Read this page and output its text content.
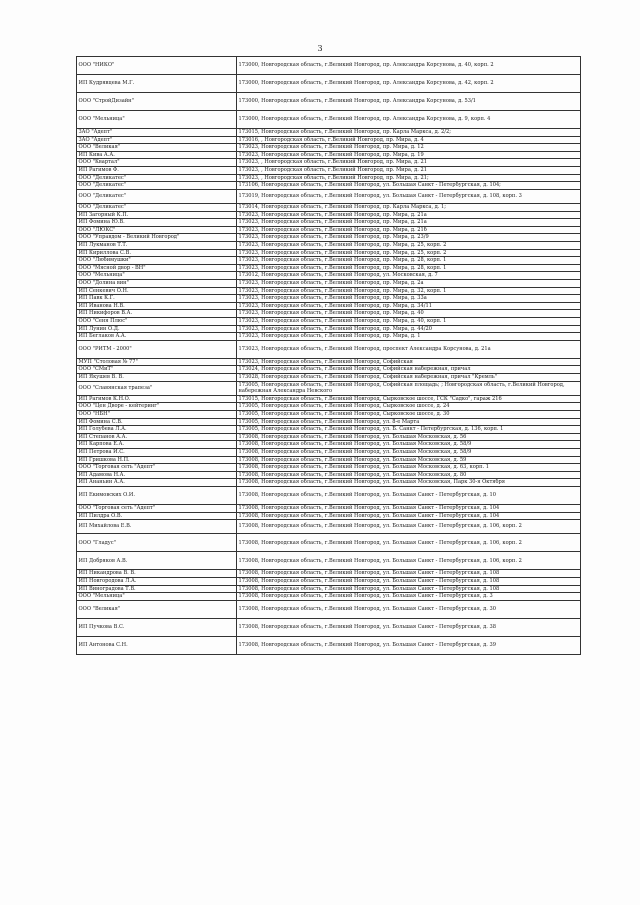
3
ООО "НИКО"	173000, Новгородская область, г.Великий Новгород, пр. Александра Корсунова, д. 40, корп. 2
ИП Кудрявцева М.Г.	173000, Новгородская область, г.Великий Новгород, пр. Александра Корсунова, д. 42, корп. 2
ООО "СтройДизайн"	173000, Новгородская область, г.Великий Новгород, пр. Александра Корсунова, д. 53/1
ООО "Мельница"	173000, Новгородская область, г.Великий Новгород, пр. Александра Корсунова, д. 9, корп. 4
ЗАО "Адепт"	173015, Новгородская область, г.Великий Новгород, пр. Карла Маркса, д. 2/2;
ЗАО "Адепт"	173016, , Новгородская область, г.Великий Новгород, пр. Мира, д. 4
ООО "Великая"	173023, Новгородская область, г.Великий Новгород, пр. Мира, д. 12
ИП Кива А.А.	173023, Новгородская область, г.Великий Новгород, пр. Мира, д. 19
ООО "Квартал"	173023, , Новгородская область, г.Великий Новгород, пр. Мира, д. 21
ИП Рагимов Ф.	173023, , Новгородская область, г.Великий Новгород, пр. Мира, д. 21
ООО "Деликатес"	173023, , Новгородская область, г.Великий Новгород, пр. Мира, д. 21;
ООО "Деликатес"	173106, Новгородская область, г.Великий Новгород, ул. Большая Санкт - Петербургская, д. 104;
ООО "Деликатес"	173019, Новгородская область, г.Великий Новгород, ул. Большая Санкт - Петербургская, д. 108, корп. 3
ООО "Деликатес"	173014, Новгородская область, г.Великий Новгород, пр. Карла Маркса, д. 1;
ИП Загорный К.П.	173023, Новгородская область, г.Великий Новгород, пр. Мира, д. 21а
ИП Фомина Ю.В.	173023, Новгородская область, г.Великий Новгород, пр. Мира, д. 21а
ООО "ЛЮКС"	173023, Новгородская область, г.Великий Новгород, пр. Мира, д. 21б
ООО "Управдом - Великий Новгород"	173023, Новгородская область, г.Великий Новгород, пр. Мира, д. 23/9
ИП Лукманов Т.Т.	173023, Новгородская область, г.Великий Новгород, пр. Мира, д. 25, корп. 2
ИП Кириллова С.В.	173023, Новгородская область, г.Великий Новгород, пр. Мира, д. 25, корп. 2
ООО "Любимушки"	173023, Новгородская область, г.Великий Новгород, пр. Мира, д. 28, корп. 1
ООО "Мясной двор - ВН"	173023, Новгородская область, г.Великий Новгород, пр. Мира, д. 28, корп. 1
ООО "Мельница"	173012, Новгородская область, г.Великий Новгород, ул. Московская, д. 7
ООО "Долина вин"	173023, Новгородская область, г.Великий Новгород, пр. Мира, д. 2а
ИП Сенкевич О.Н.	173023, Новгородская область, г.Великий Новгород, пр. Мира, д. 32, корп. 1
ИП Павк К.Г.	173023, Новгородская область, г.Великий Новгород, пр. Мира, д. 33а
ИП Иванова Н.В.	173023, Новгородская область, г.Великий Новгород, пр. Мира, д. 34/11
ИП Никифоров В.А.	173023, Новгородская область, г.Великий Новгород, пр. Мира, д. 40
ООО "Сеня Плюс"	173023, Новгородская область, г.Великий Новгород, пр. Мира, д. 40, корп. 1
ИП Лунин О.Д.	173023, Новгородская область, г.Великий Новгород, пр. Мира, д. 44/20
ИП Беглаков А.А.	173023, Новгородская область, г.Великий Новгород, пр. Мира, д. 1
ООО "РИТМ - 2000"	173023, Новгородская область, г.Великий Новгород, проспект Александра Корсунова, д. 21а
МУП "Столовая № 77"	173023, Новгородская область, г.Великий Новгород, Софийская
ООО "СМиТ"	173024, Новгородская область, г.Великий Новгород, Софийская набережная, причал
ИП Якушев В. В.	173028, Новгородская область, г.Великий Новгород, Софийская набережная, причал "Кремль"
ООО "Славянская трапеза"	173005, Новгородская область, г.Великий Новгород, Софийская площадь; ; Новгородская область, г.Великий Новгород, набережная Александра Невского
ИП Рагимов К.Н.О.	173015, Новгородская область, г.Великий Новгород, Сырковское шоссе, ГСК "Садко", гараж 216
ООО "Цен Дворе - кейтеринг"	173005, Новгородская область, г.Великий Новгород, Сырковское шоссе, д. 24
ООО "НБН"	173005, Новгородская область, г.Великий Новгород, Сырковское шоссе, д. 30
ИП Фомина С.В.	173005, Новгородская область, г.Великий Новгород, ул. 8-е Марта
ИП Голубева Л.А.	173005, Новгородская область, г.Великий Новгород, ул. Б. Санкт - Петербургская, д. 136, корп. 1
ИП Степанов А.А.	173008, Новгородская область, г.Великий Новгород, ул. Большая Московская, д. 56
ИП Карпова Е.А.	173008, Новгородская область, г.Великий Новгород, ул. Большая Московская, д. 58/9
ИП Петрова И.С.	173008, Новгородская область, г.Великий Новгород, ул. Большая Московская, д. 58/9
ИП Гришкова Н.П.	173008, Новгородская область, г.Великий Новгород, ул. Большая Московская, д. 59
ООО "Торговая сеть "Адепт"	173008, Новгородская область, г.Великий Новгород, ул. Большая Московская, д. 63, корп. 1
ИП Адамова Н.А.	173008, Новгородская область, г.Великий Новгород, ул. Большая Московская, д. 80
ИП Ананьин А.А.	173008, Новгородская область, г.Великий Новгород, ул. Большая Московская, Парк 30-я Октября
ИП Екимовских О.И.	173008, Новгородская область, г.Великий Новгород, ул. Большая Санкт - Петербургская, д. 10
ООО "Торговая сеть "Адепт"	173008, Новгородская область, г.Великий Новгород, ул. Большая Санкт - Петербургская, д. 104
ИП Пилдра О.В.	173008, Новгородская область, г.Великий Новгород, ул. Большая Санкт - Петербургская, д. 104
ИП Михайлова Е.В.	173008, Новгородская область, г.Великий Новгород, ул. Большая Санкт - Петербургская, д. 106, корп. 2
ООО "Гладус"	173008, Новгородская область, г.Великий Новгород, ул. Большая Санкт - Петербургская, д. 106, корп. 2
ИП Добряков А.В.	173008, Новгородская область, г.Великий Новгород, ул. Большая Санкт - Петербургская, д. 106, корп. 2
ИП Никандрова В. В.	173008, Новгородская область, г.Великий Новгород, ул. Большая Санкт - Петербургская, д. 108
ИП Новгородова Л.А.	173008, Новгородская область, г.Великий Новгород, ул. Большая Санкт - Петербургская, д. 108
ИП Виноградова Т.В.	173008, Новгородская область, г.Великий Новгород, ул. Большая Санкт - Петербургская, д. 108
ООО "Мельница"	173008, Новгородская область, г.Великий Новгород, ул. Большая Санкт - Петербургская, д. 3
ООО "Великая"	173008, Новгородская область, г.Великий Новгород, ул. Большая Санкт - Петербургская, д. 30
ИП Пучкова В.С.	173008, Новгородская область, г.Великий Новгород, ул. Большая Санкт - Петербургская, д. 38
ИП Антонова С.Н.	173008, Новгородская область, г.Великий Новгород, ул. Большая Санкт - Петербургская, д. 39
